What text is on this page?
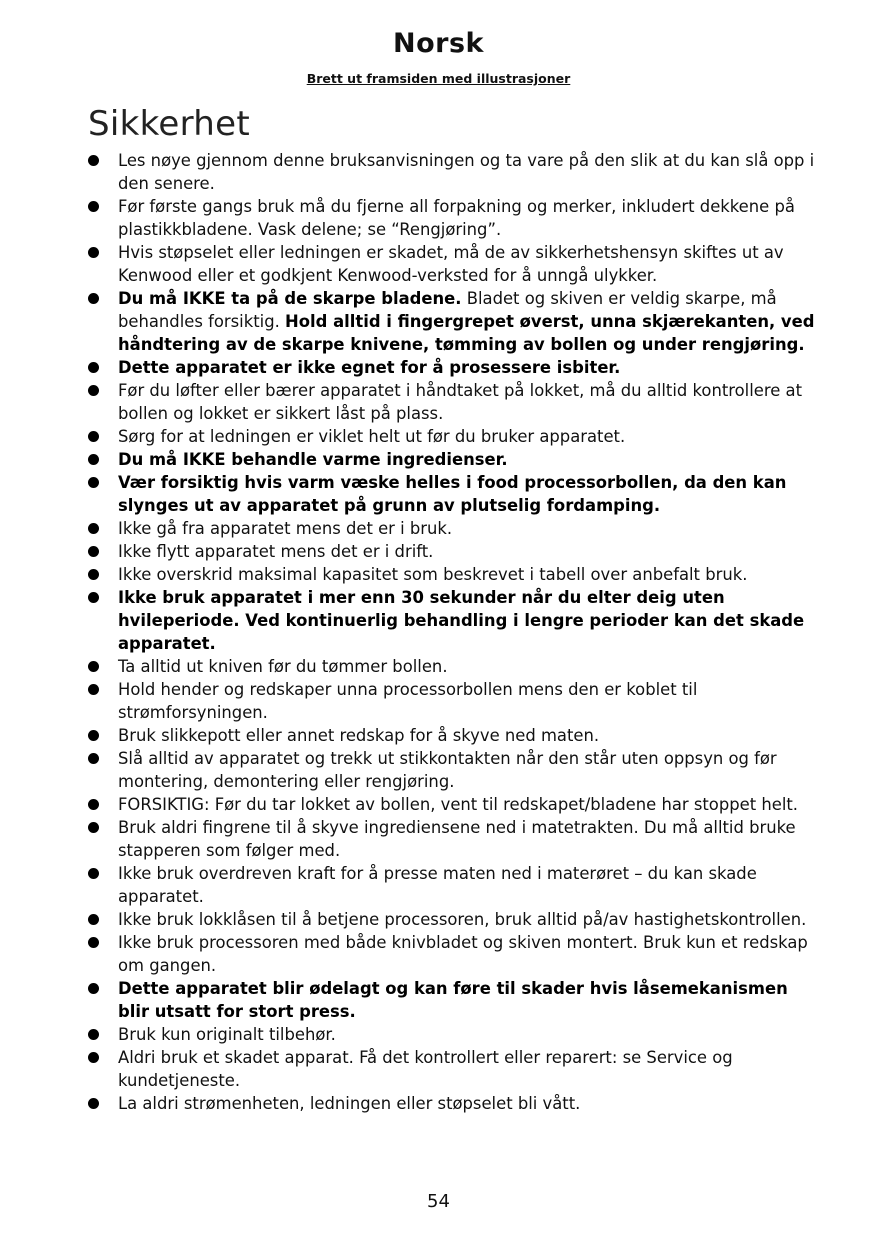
Norsk
Brett ut framsiden med illustrasjoner
Sikkerhet
Les nøye gjennom denne bruksanvisningen og ta vare på den slik at du kan slå opp i den senere.
Før første gangs bruk må du fjerne all forpakning og merker, inkludert dekkene på plastikkbladene. Vask delene; se “Rengjøring”.
Hvis støpselet eller ledningen er skadet, må de av sikkerhetshensyn skiftes ut av Kenwood eller et godkjent Kenwood-verksted for å unngå ulykker.
Du må IKKE ta på de skarpe bladene. Bladet og skiven er veldig skarpe, må behandles forsiktig. Hold alltid i fingergrepet øverst, unna skjærekanten, ved håndtering av de skarpe knivene, tømming av bollen og under rengjøring.
Dette apparatet er ikke egnet for å prosessere isbiter.
Før du løfter eller bærer apparatet i håndtaket på lokket, må du alltid kontrollere at bollen og lokket er sikkert låst på plass.
Sørg for at ledningen er viklet helt ut før du bruker apparatet.
Du må IKKE behandle varme ingredienser.
Vær forsiktig hvis varm væske helles i food processorbollen, da den kan slynges ut av apparatet på grunn av plutselig fordamping.
Ikke gå fra apparatet mens det er i bruk.
Ikke flytt apparatet mens det er i drift.
Ikke overskrid maksimal kapasitet som beskrevet i tabell over anbefalt bruk.
Ikke bruk apparatet i mer enn 30 sekunder når du elter deig uten hvileperiode. Ved kontinuerlig behandling i lengre perioder kan det skade apparatet.
Ta alltid ut kniven før du tømmer bollen.
Hold hender og redskaper unna processorbollen mens den er koblet til strømforsyningen.
Bruk slikkepott eller annet redskap for å skyve ned maten.
Slå alltid av apparatet og trekk ut stikkontakten når den står uten oppsyn og før montering, demontering eller rengjøring.
FORSIKTIG: Før du tar lokket av bollen, vent til redskapet/bladene har stoppet helt.
Bruk aldri fingrene til å skyve ingrediensene ned i matetrakten. Du må alltid bruke stapperen som følger med.
Ikke bruk overdreven kraft for å presse maten ned i materøret – du kan skade apparatet.
Ikke bruk lokklåsen til å betjene processoren, bruk alltid på/av hastighetskontrollen.
Ikke bruk processoren med både knivbladet og skiven montert. Bruk kun et redskap om gangen.
Dette apparatet blir ødelagt og kan føre til skader hvis låsemekanismen blir utsatt for stort press.
Bruk kun originalt tilbehør.
Aldri bruk et skadet apparat. Få det kontrollert eller reparert: se Service og kundetjeneste.
La aldri strømenheten, ledningen eller støpselet bli vått.
54
